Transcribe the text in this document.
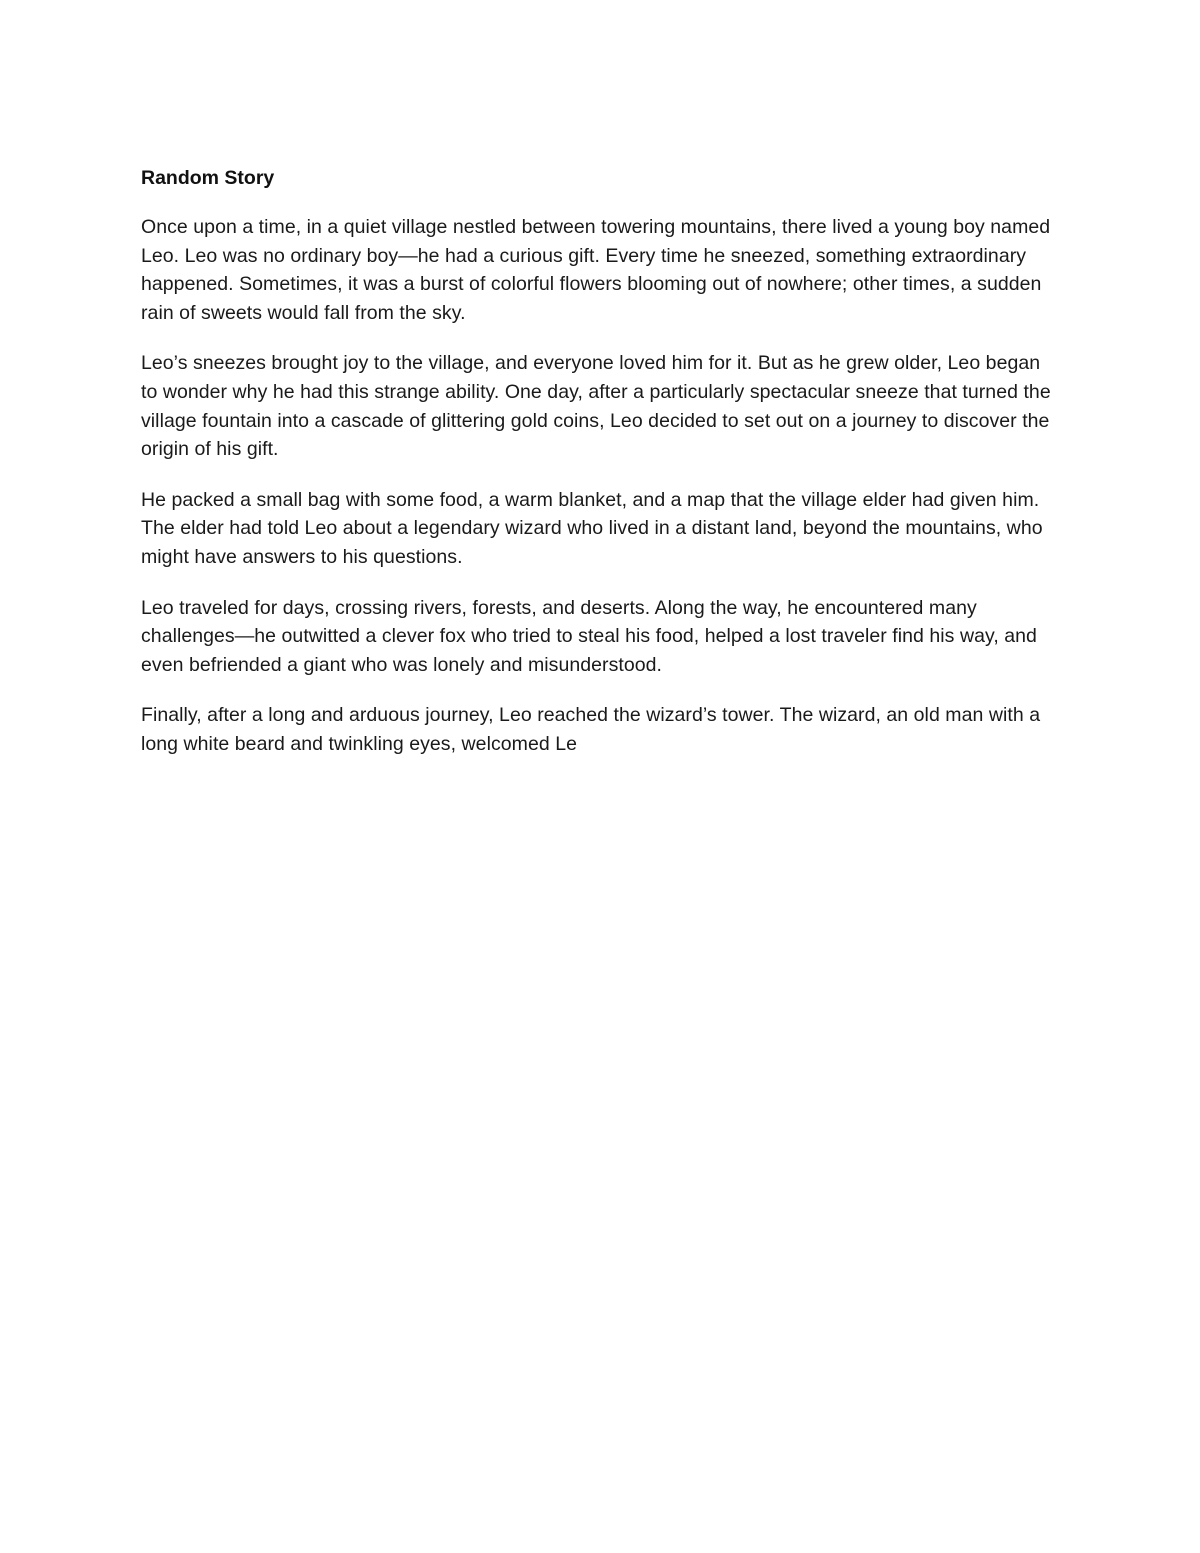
Random Story

Once upon a time, in a quiet village nestled between towering mountains, there lived a young boy named Leo. Leo was no ordinary boy—he had a curious gift. Every time he sneezed, something extraordinary happened. Sometimes, it was a burst of colorful flowers blooming out of nowhere; other times, a sudden rain of sweets would fall from the sky.

Leo’s sneezes brought joy to the village, and everyone loved him for it. But as he grew older, Leo began to wonder why he had this strange ability. One day, after a particularly spectacular sneeze that turned the village fountain into a cascade of glittering gold coins, Leo decided to set out on a journey to discover the origin of his gift.

He packed a small bag with some food, a warm blanket, and a map that the village elder had given him. The elder had told Leo about a legendary wizard who lived in a distant land, beyond the mountains, who might have answers to his questions.

Leo traveled for days, crossing rivers, forests, and deserts. Along the way, he encountered many challenges—he outwitted a clever fox who tried to steal his food, helped a lost traveler find his way, and even befriended a giant who was lonely and misunderstood.

Finally, after a long and arduous journey, Leo reached the wizard’s tower. The wizard, an old man with a long white beard and twinkling eyes, welcomed Le
